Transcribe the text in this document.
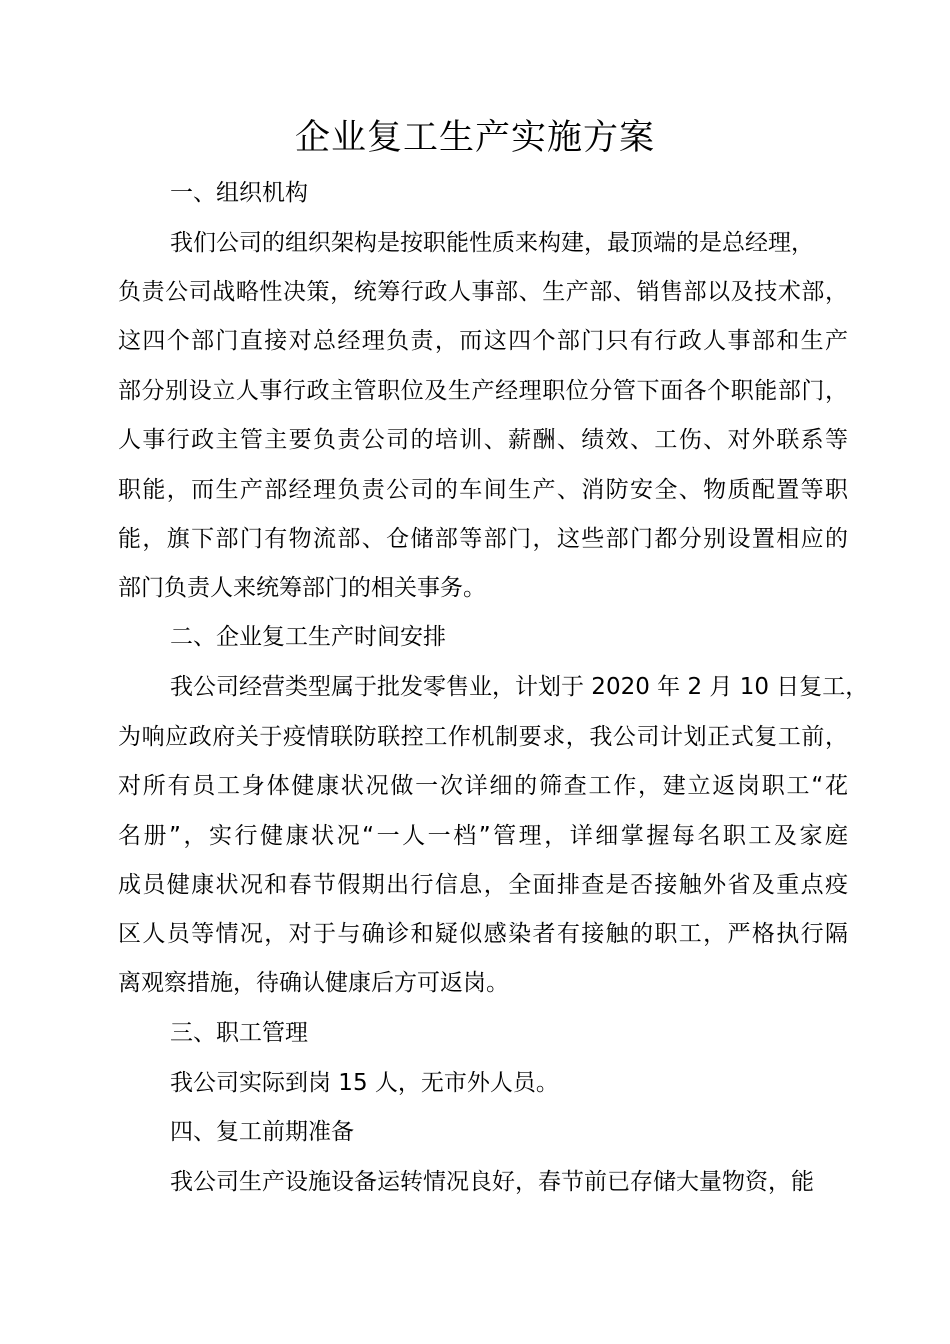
企业复工生产实施方案
一、组织机构
我们公司的组织架构是按职能性质来构建，最顶端的是总经理，
负责公司战略性决策，统筹行政人事部、生产部、销售部以及技术部，
这四个部门直接对总经理负责，而这四个部门只有行政人事部和生产
部分别设立人事行政主管职位及生产经理职位分管下面各个职能部门，
人事行政主管主要负责公司的培训、薪酬、绩效、工伤、对外联系等
职能，而生产部经理负责公司的车间生产、消防安全、物质配置等职
能，旗下部门有物流部、仓储部等部门，这些部门都分别设置相应的
部门负责人来统筹部门的相关事务。
二、企业复工生产时间安排
我公司经营类型属于批发零售业，计划于 2020 年 2 月 10 日复工，
为响应政府关于疫情联防联控工作机制要求，我公司计划正式复工前，
对所有员工身体健康状况做一次详细的筛查工作，建立返岗职工“花
名册”，实行健康状况“一人一档”管理，详细掌握每名职工及家庭
成员健康状况和春节假期出行信息，全面排查是否接触外省及重点疫
区人员等情况，对于与确诊和疑似感染者有接触的职工，严格执行隔
离观察措施，待确认健康后方可返岗。
三、职工管理
我公司实际到岗 15 人，无市外人员。
四、复工前期准备
我公司生产设施设备运转情况良好，春节前已存储大量物资，能
